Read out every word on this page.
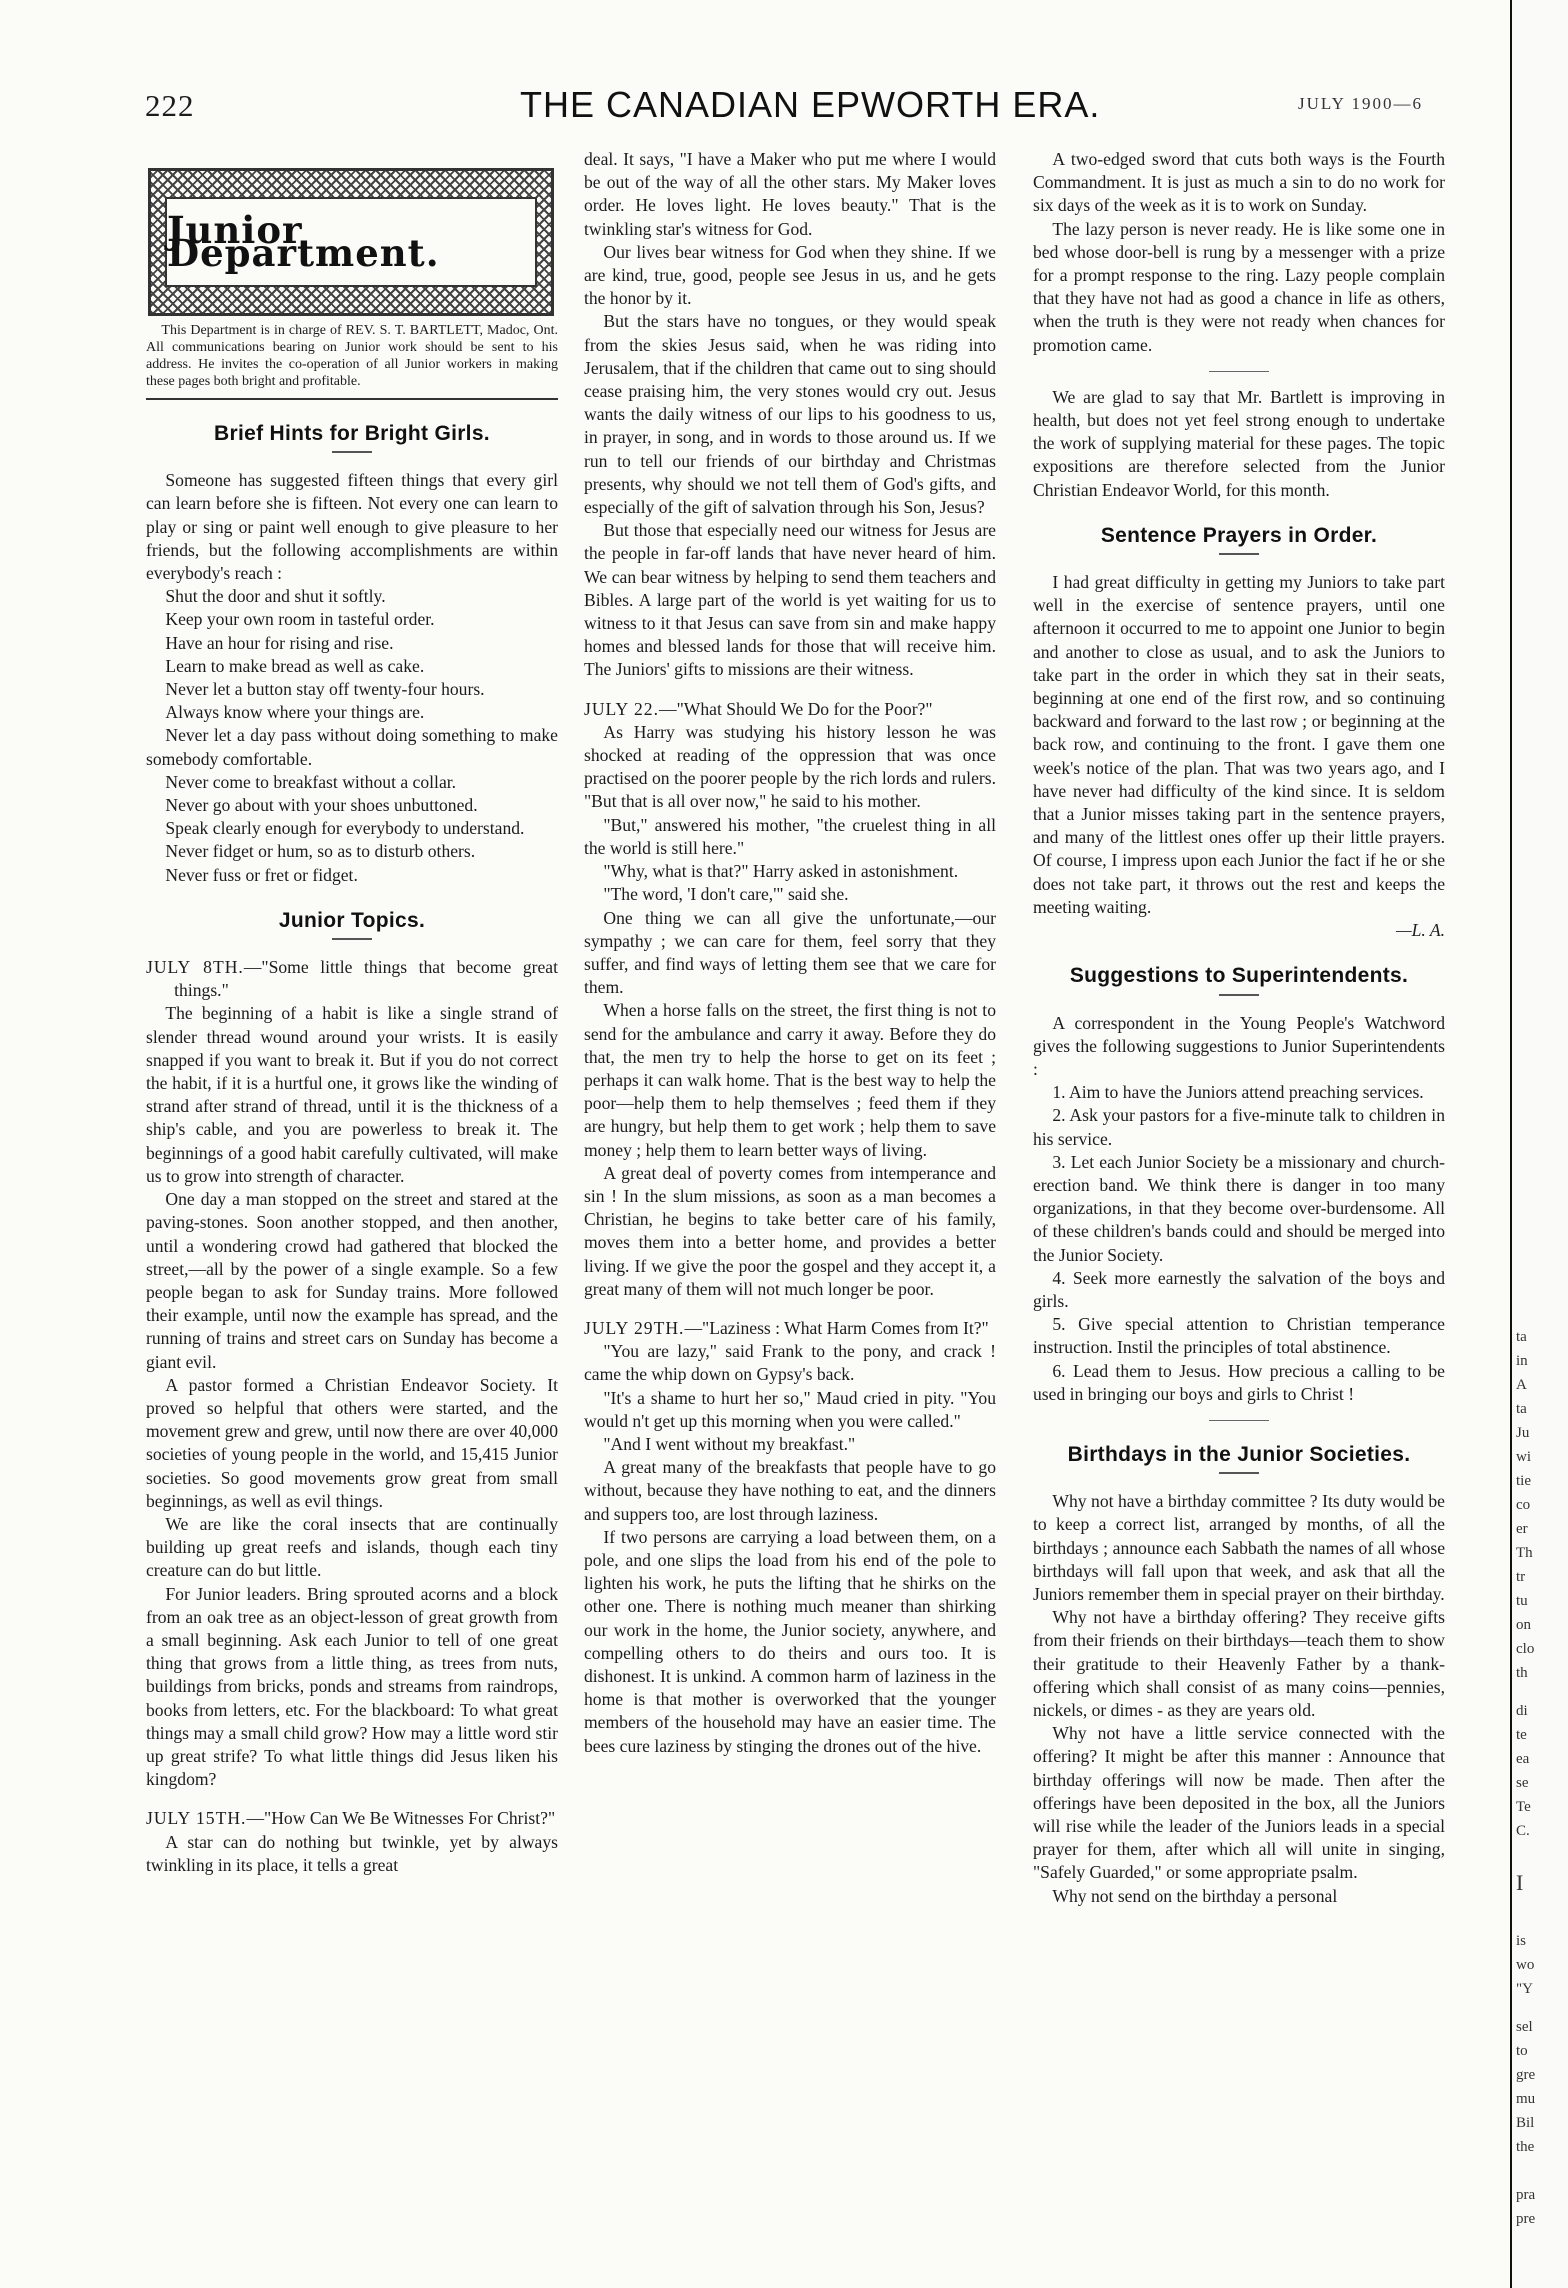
222	THE CANADIAN EPWORTH ERA.	JULY 1900—6
Junior Department.

This Department is in charge of REV. S. T. BARTLETT, Madoc, Ont. All communications bearing on Junior work should be sent to his address. He invites the co-operation of all Junior workers in making these pages both bright and profitable.

Brief Hints for Bright Girls.

Someone has suggested fifteen things that every girl can learn before she is fifteen. Not every one can learn to play or sing or paint well enough to give pleasure to her friends, but the following accomplishments are within everybody's reach :

Shut the door and shut it softly.

Keep your own room in tasteful order.

Have an hour for rising and rise.

Learn to make bread as well as cake.

Never let a button stay off twenty-four hours.

Always know where your things are.

Never let a day pass without doing something to make somebody comfortable.

Never come to breakfast without a collar.

Never go about with your shoes unbuttoned.

Speak clearly enough for everybody to understand.

Never fidget or hum, so as to disturb others.

Never fuss or fret or fidget.

Junior Topics.

JULY 8TH.—"Some little things that become great things."

The beginning of a habit is like a single strand of slender thread wound around your wrists. It is easily snapped if you want to break it. But if you do not correct the habit, if it is a hurtful one, it grows like the winding of strand after strand of thread, until it is the thickness of a ship's cable, and you are powerless to break it. The beginnings of a good habit carefully cultivated, will make us to grow into strength of character.

One day a man stopped on the street and stared at the paving-stones. Soon another stopped, and then another, until a wondering crowd had gathered that blocked the street,—all by the power of a single example. So a few people began to ask for Sunday trains. More followed their example, until now the example has spread, and the running of trains and street cars on Sunday has become a giant evil.

A pastor formed a Christian Endeavor Society. It proved so helpful that others were started, and the movement grew and grew, until now there are over 40,000 societies of young people in the world, and 15,415 Junior societies. So good movements grow great from small beginnings, as well as evil things.

We are like the coral insects that are continually building up great reefs and islands, though each tiny creature can do but little.

For Junior leaders. Bring sprouted acorns and a block from an oak tree as an object-lesson of great growth from a small beginning. Ask each Junior to tell of one great thing that grows from a little thing, as trees from nuts, buildings from bricks, ponds and streams from raindrops, books from letters, etc. For the blackboard: To what great things may a small child grow? How may a little word stir up great strife? To what little things did Jesus liken his kingdom?

JULY 15TH.—"How Can We Be Witnesses For Christ?"

A star can do nothing but twinkle, yet by always twinkling in its place, it tells a great

deal. It says, "I have a Maker who put me where I would be out of the way of all the other stars. My Maker loves order. He loves light. He loves beauty." That is the twinkling star's witness for God.

Our lives bear witness for God when they shine. If we are kind, true, good, people see Jesus in us, and he gets the honor by it.

But the stars have no tongues, or they would speak from the skies Jesus said, when he was riding into Jerusalem, that if the children that came out to sing should cease praising him, the very stones would cry out. Jesus wants the daily witness of our lips to his goodness to us, in prayer, in song, and in words to those around us. If we run to tell our friends of our birthday and Christmas presents, why should we not tell them of God's gifts, and especially of the gift of salvation through his Son, Jesus?

But those that especially need our witness for Jesus are the people in far-off lands that have never heard of him. We can bear witness by helping to send them teachers and Bibles. A large part of the world is yet waiting for us to witness to it that Jesus can save from sin and make happy homes and blessed lands for those that will receive him. The Juniors' gifts to missions are their witness.

JULY 22.—"What Should We Do for the Poor?"

As Harry was studying his history lesson he was shocked at reading of the oppression that was once practised on the poorer people by the rich lords and rulers. "But that is all over now," he said to his mother.

"But," answered his mother, "the cruelest thing in all the world is still here."

"Why, what is that?" Harry asked in astonishment.

"The word, 'I don't care,'" said she.

One thing we can all give the unfortunate,—our sympathy ; we can care for them, feel sorry that they suffer, and find ways of letting them see that we care for them.

When a horse falls on the street, the first thing is not to send for the ambulance and carry it away. Before they do that, the men try to help the horse to get on its feet ; perhaps it can walk home. That is the best way to help the poor—help them to help themselves ; feed them if they are hungry, but help them to get work ; help them to save money ; help them to learn better ways of living.

A great deal of poverty comes from intemperance and sin ! In the slum missions, as soon as a man becomes a Christian, he begins to take better care of his family, moves them into a better home, and provides a better living. If we give the poor the gospel and they accept it, a great many of them will not much longer be poor.

JULY 29TH.—"Laziness : What Harm Comes from It?"

"You are lazy," said Frank to the pony, and crack ! came the whip down on Gypsy's back.

"It's a shame to hurt her so," Maud cried in pity. "You would n't get up this morning when you were called."

"And I went without my breakfast."

A great many of the breakfasts that people have to go without, because they have nothing to eat, and the dinners and suppers too, are lost through laziness.

If two persons are carrying a load between them, on a pole, and one slips the load from his end of the pole to lighten his work, he puts the lifting that he shirks on the other one. There is nothing much meaner than shirking our work in the home, the Junior society, anywhere, and compelling others to do theirs and ours too. It is dishonest. It is unkind. A common harm of laziness in the home is that mother is overworked that the younger members of the household may have an easier time. The bees cure laziness by stinging the drones out of the hive.

A two-edged sword that cuts both ways is the Fourth Commandment. It is just as much a sin to do no work for six days of the week as it is to work on Sunday.

The lazy person is never ready. He is like some one in bed whose door-bell is rung by a messenger with a prize for a prompt response to the ring. Lazy people complain that they have not had as good a chance in life as others, when the truth is they were not ready when chances for promotion came.

We are glad to say that Mr. Bartlett is improving in health, but does not yet feel strong enough to undertake the work of supplying material for these pages. The topic expositions are therefore selected from the Junior Christian Endeavor World, for this month.

Sentence Prayers in Order.

I had great difficulty in getting my Juniors to take part well in the exercise of sentence prayers, until one afternoon it occurred to me to appoint one Junior to begin and another to close as usual, and to ask the Juniors to take part in the order in which they sat in their seats, beginning at one end of the first row, and so continuing backward and forward to the last row ; or beginning at the back row, and continuing to the front. I gave them one week's notice of the plan. That was two years ago, and I have never had difficulty of the kind since. It is seldom that a Junior misses taking part in the sentence prayers, and many of the littlest ones offer up their little prayers. Of course, I impress upon each Junior the fact if he or she does not take part, it throws out the rest and keeps the meeting waiting.

—L. A.

Suggestions to Superintendents.

A correspondent in the Young People's Watchword gives the following suggestions to Junior Superintendents :

1. Aim to have the Juniors attend preaching services.

2. Ask your pastors for a five-minute talk to children in his service.

3. Let each Junior Society be a missionary and church-erection band. We think there is danger in too many organizations, in that they become over-burdensome. All of these children's bands could and should be merged into the Junior Society.

4. Seek more earnestly the salvation of the boys and girls.

5. Give special attention to Christian temperance instruction. Instil the principles of total abstinence.

6. Lead them to Jesus. How precious a calling to be used in bringing our boys and girls to Christ !

Birthdays in the Junior Societies.

Why not have a birthday committee ? Its duty would be to keep a correct list, arranged by months, of all the birthdays ; announce each Sabbath the names of all whose birthdays will fall upon that week, and ask that all the Juniors remember them in special prayer on their birthday.

Why not have a birthday offering? They receive gifts from their friends on their birthdays—teach them to show their gratitude to their Heavenly Father by a thank-offering which shall consist of as many coins—pennies, nickels, or dimes - as they are years old.

Why not have a little service connected with the offering? It might be after this manner : Announce that birthday offerings will now be made. Then after the offerings have been deposited in the box, all the Juniors will rise while the leader of the Juniors leads in a special prayer for them, after which all will unite in singing, "Safely Guarded," or some appropriate psalm.

Why not send on the birthday a personal

ta
in
A
ta
Ju
wi
tie
co
er
Th
tr
tu
on
clo
th
di
te
ea
se
Te
C.
I
is
wo
"Y
sel
to
gre
mu
Bil
the
pra
pre
